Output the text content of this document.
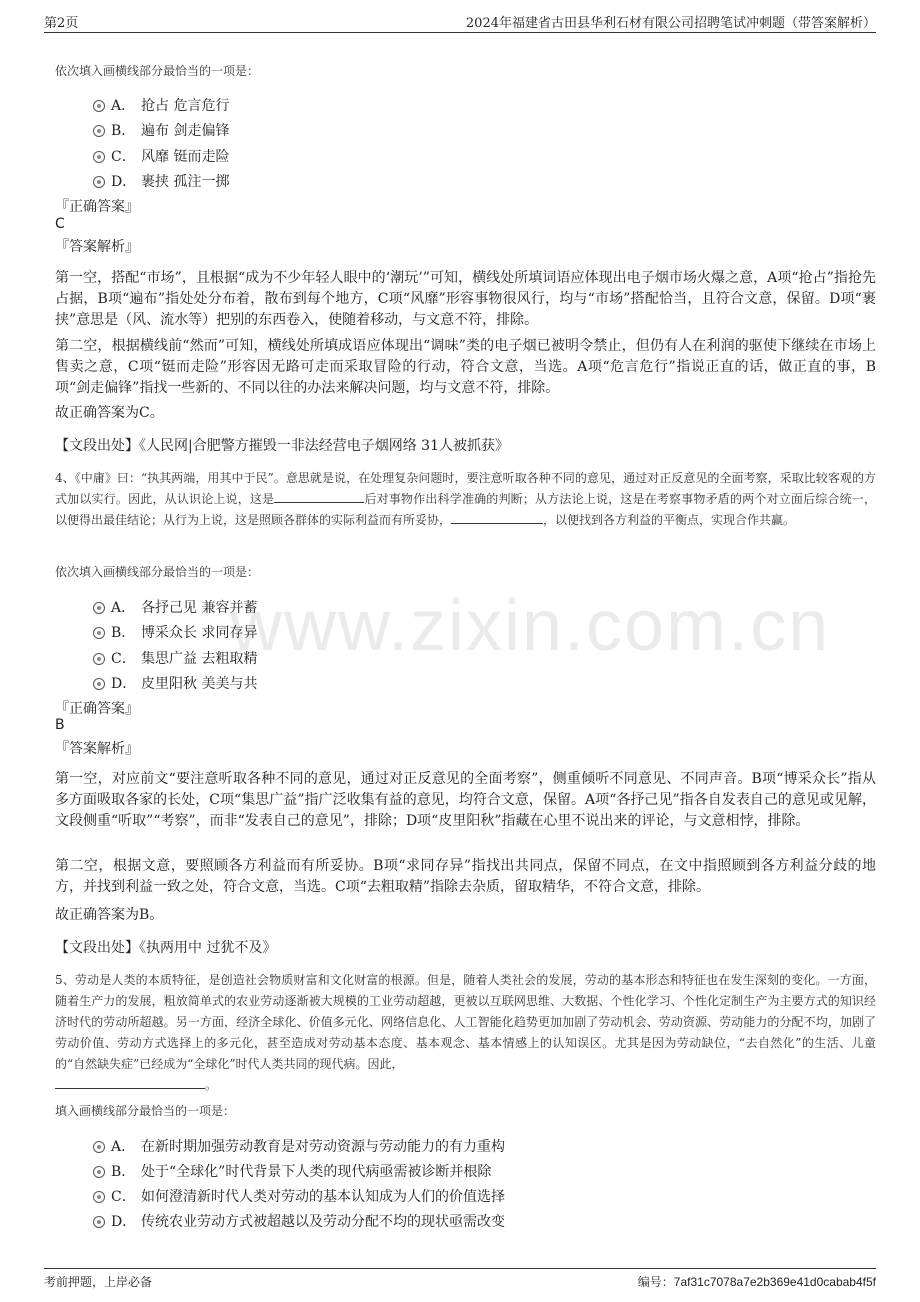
第2页	2024年福建省古田县华利石材有限公司招聘笔试冲刺题（带答案解析）
www.zixin.com.cn
依次填入画横线部分最恰当的一项是：
A． 抢占 危言危行
B． 遍布 剑走偏锋
C． 风靡 铤而走险
D． 裹挟 孤注一掷
『正确答案』
C
『答案解析』
第一空，搭配“市场”，且根据“成为不少年轻人眼中的‘潮玩’”可知，横线处所填词语应体现出电子烟市场火爆之意，A项“抢占”指抢先占据，B项“遍布”指处处分布着，散布到每个地方，C项“风靡”形容事物很风行，均与“市场”搭配恰当，且符合文意，保留。D项“裹挟”意思是（风、流水等）把别的东西卷入，使随着移动，与文意不符，排除。
第二空，根据横线前“然而”可知，横线处所填成语应体现出“调味”类的电子烟已被明令禁止，但仍有人在利润的驱使下继续在市场上售卖之意，C项“铤而走险”形容因无路可走而采取冒险的行动，符合文意，当选。A项“危言危行”指说正直的话，做正直的事，B项“剑走偏锋”指找一些新的、不同以往的办法来解决问题，均与文意不符，排除。
故正确答案为C。
【文段出处】《人民网|合肥警方摧毁一非法经营电子烟网络 31人被抓获》
4、《中庸》曰：“执其两端，用其中于民”。意思就是说，在处理复杂问题时，要注意听取各种不同的意见，通过对正反意见的全面考察，采取比较客观的方式加以实行。因此，从认识论上说，这是	后对事物作出科学准确的判断；从方法论上说，这是在考察事物矛盾的两个对立面后综合统一，以便得出最佳结论；从行为上说，这是照顾各群体的实际利益而有所妥协，	，以便找到各方利益的平衡点，实现合作共赢。
依次填入画横线部分最恰当的一项是：
A． 各抒己见 兼容并蓄
B． 博采众长 求同存异
C． 集思广益 去粗取精
D． 皮里阳秋 美美与共
『正确答案』
B
『答案解析』
第一空，对应前文“要注意听取各种不同的意见，通过对正反意见的全面考察”，侧重倾听不同意见、不同声音。B项“博采众长”指从多方面吸取各家的长处，C项“集思广益”指广泛收集有益的意见，均符合文意，保留。A项“各抒己见”指各自发表自己的意见或见解，文段侧重“听取”“考察”，而非“发表自己的意见”，排除；D项“皮里阳秋”指藏在心里不说出来的评论，与文意相悖，排除。
第二空，根据文意，要照顾各方利益而有所妥协。B项“求同存异”指找出共同点，保留不同点，在文中指照顾到各方利益分歧的地方，并找到利益一致之处，符合文意，当选。C项“去粗取精”指除去杂质，留取精华，不符合文意，排除。
故正确答案为B。
【文段出处】《执两用中 过犹不及》
5、劳动是人类的本质特征，是创造社会物质财富和文化财富的根源。但是，随着人类社会的发展，劳动的基本形态和特征也在发生深刻的变化。一方面，随着生产力的发展，粗放简单式的农业劳动逐渐被大规模的工业劳动超越，更被以互联网思维、大数据、个性化学习、个性化定制生产为主要方式的知识经济时代的劳动所超越。另一方面，经济全球化、价值多元化、网络信息化、人工智能化趋势更加加剧了劳动机会、劳动资源、劳动能力的分配不均，加剧了劳动价值、劳动方式选择上的多元化，甚至造成对劳动基本态度、基本观念、基本情感上的认知误区。尤其是因为劳动缺位，“去自然化”的生活、儿童的“自然缺失症”已经成为“全球化”时代人类共同的现代病。因此，
。
填入画横线部分最恰当的一项是：
A． 在新时期加强劳动教育是对劳动资源与劳动能力的有力重构
B． 处于“全球化”时代背景下人类的现代病亟需被诊断并根除
C． 如何澄清新时代人类对劳动的基本认知成为人们的价值选择
D． 传统农业劳动方式被超越以及劳动分配不均的现状亟需改变
考前押题，上岸必备	编号：7af31c7078a7e2b369e41d0cabab4f5f
